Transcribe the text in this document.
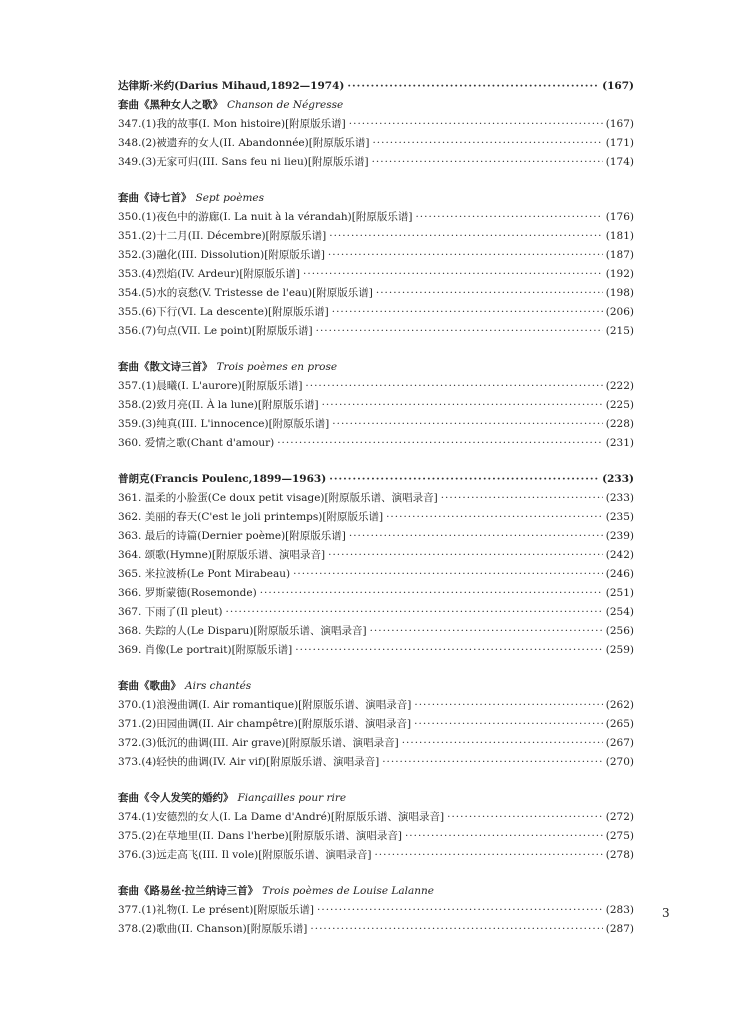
达律斯·米约(Darius Mihaud,1892—1974) ·····	(167)
套曲《黑种女人之歌》 Chanson de Négresse
347.(1)我的故事(I. Mon histoire)[附原版乐谱] ·····	(167)
348.(2)被遗弃的女人(II. Abandonnée)[附原版乐谱] ·····	(171)
349.(3)无家可归(III. Sans feu ni lieu)[附原版乐谱] ·····	(174)
套曲《诗七首》 Sept poèmes
350.(1)夜色中的游廊(I. La nuit à la vérandah)[附原版乐谱] ·····	(176)
351.(2)十二月(II. Décembre)[附原版乐谱] ·····	(181)
352.(3)融化(III. Dissolution)[附原版乐谱] ·····	(187)
353.(4)烈焰(IV. Ardeur)[附原版乐谱] ·····	(192)
354.(5)水的哀愁(V. Tristesse de l'eau)[附原版乐谱] ·····	(198)
355.(6)下行(VI. La descente)[附原版乐谱] ·····	(206)
356.(7)句点(VII. Le point)[附原版乐谱] ·····	(215)
套曲《散文诗三首》 Trois poèmes en prose
357.(1)晨曦(I. L'aurore)[附原版乐谱] ·····	(222)
358.(2)致月亮(II. À la lune)[附原版乐谱] ·····	(225)
359.(3)纯真(III. L'innocence)[附原版乐谱] ·····	(228)
360. 爱情之歌(Chant d'amour) ·····	(231)
普朗克(Francis Poulenc,1899—1963) ·····	(233)
361. 温柔的小脸蛋(Ce doux petit visage)[附原版乐谱、演唱录音] ·····	(233)
362. 美丽的春天(C'est le joli printemps)[附原版乐谱] ·····	(235)
363. 最后的诗篇(Dernier poème)[附原版乐谱] ·····	(239)
364. 颂歌(Hymne)[附原版乐谱、演唱录音] ·····	(242)
365. 米拉波桥(Le Pont Mirabeau) ·····	(246)
366. 罗斯蒙德(Rosemonde) ·····	(251)
367. 下雨了(Il pleut) ·····	(254)
368. 失踪的人(Le Disparu)[附原版乐谱、演唱录音] ·····	(256)
369. 肖像(Le portrait)[附原版乐谱] ·····	(259)
套曲《歌曲》 Airs chantés
370.(1)浪漫曲调(I. Air romantique)[附原版乐谱、演唱录音] ·····	(262)
371.(2)田园曲调(II. Air champêtre)[附原版乐谱、演唱录音] ·····	(265)
372.(3)低沉的曲调(III. Air grave)[附原版乐谱、演唱录音] ·····	(267)
373.(4)轻快的曲调(IV. Air vif)[附原版乐谱、演唱录音] ·····	(270)
套曲《令人发笑的婚约》 Fiançailles pour rire
374.(1)安德烈的女人(I. La Dame d'André)[附原版乐谱、演唱录音] ·····	(272)
375.(2)在草地里(II. Dans l'herbe)[附原版乐谱、演唱录音] ·····	(275)
376.(3)远走高飞(III. Il vole)[附原版乐谱、演唱录音] ·····	(278)
套曲《路易丝·拉兰纳诗三首》 Trois poèmes de Louise Lalanne
377.(1)礼物(I. Le présent)[附原版乐谱] ·····	(283)
378.(2)歌曲(II. Chanson)[附原版乐谱] ·····	(287)
3
